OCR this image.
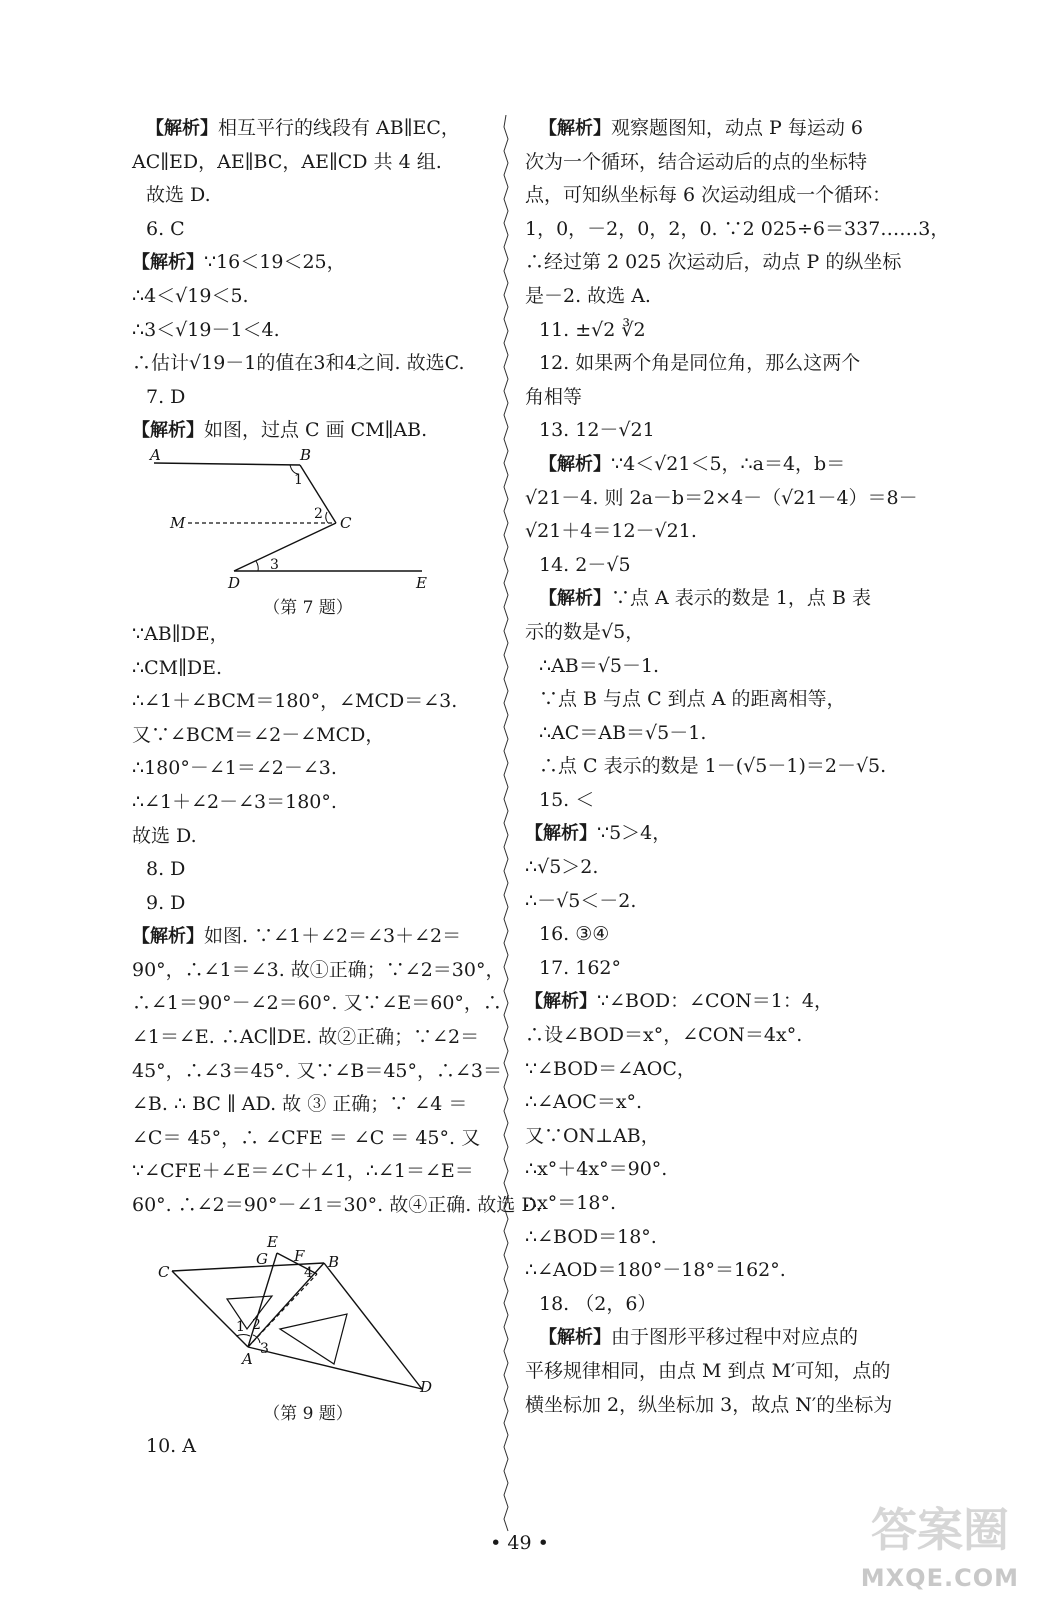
【解析】相互平行的线段有 AB∥EC，
AC∥ED，AE∥BC，AE∥CD 共 4 组.
故选 D.
6. C
【解析】∵16＜19＜25，
∴4＜√19＜5.
∴3＜√19－1＜4.
∴估计√19－1的值在3和4之间. 故选C.
7. D
【解析】如图，过点 C 画 CM∥AB.
A	B
M	C
D	E
1
2
3
（第 7 题）
∵AB∥DE，
∴CM∥DE.
∴∠1＋∠BCM＝180°，∠MCD＝∠3.
又∵∠BCM＝∠2－∠MCD，
∴180°－∠1＝∠2－∠3.
∴∠1＋∠2－∠3＝180°.
故选 D.
8. D
9. D
【解析】如图. ∵∠1＋∠2＝∠3＋∠2＝
90°，∴∠1＝∠3. 故①正确；∵∠2＝30°，
∴∠1＝90°－∠2＝60°. 又∵∠E＝60°，∴
∠1＝∠E. ∴AC∥DE. 故②正确；∵∠2＝
45°，∴∠3＝45°. 又∵∠B＝45°，∴∠3＝
∠B. ∴ BC ∥ AD. 故 ③ 正确；∵ ∠4 ＝
∠C＝ 45°，∴ ∠CFE ＝ ∠C ＝ 45°. 又
∵∠CFE＋∠E＝∠C＋∠1，∴∠1＝∠E＝
60°. ∴∠2＝90°－∠1＝30°. 故④正确. 故选 D.
C
E
G F B
A
D
1 2
3
4
（第 9 题）
10. A
【解析】观察题图知，动点 P 每运动 6
次为一个循环，结合运动后的点的坐标特
点，可知纵坐标每 6 次运动组成一个循环：
1，0，－2，0，2，0. ∵2 025÷6＝337……3，
∴经过第 2 025 次运动后，动点 P 的纵坐标
是－2. 故选 A.
11. ±√2 ∛2
12. 如果两个角是同位角，那么这两个
角相等
13. 12－√21
【解析】∵4＜√21＜5，∴a＝4，b＝
√21－4. 则 2a－b＝2×4－（√21－4）＝8－
√21＋4＝12－√21.
14. 2－√5
【解析】∵点 A 表示的数是 1，点 B 表
示的数是√5，
∴AB＝√5－1.
∵点 B 与点 C 到点 A 的距离相等，
∴AC＝AB＝√5－1.
∴点 C 表示的数是 1－(√5－1)＝2－√5.
15. ＜
【解析】∵5＞4，
∴√5＞2.
∴－√5＜－2.
16. ③④
17. 162°
【解析】∵∠BOD：∠CON＝1：4，
∴设∠BOD＝x°，∠CON＝4x°.
∵∠BOD＝∠AOC，
∴∠AOC＝x°.
又∵ON⊥AB，
∴x°＋4x°＝90°.
∴x°＝18°.
∴∠BOD＝18°.
∴∠AOD＝180°－18°＝162°.
18. （2，6）
【解析】由于图形平移过程中对应点的
平移规律相同，由点 M 到点 M′可知，点的
横坐标加 2，纵坐标加 3，故点 N′的坐标为
• 49 •	答案圈
MXQE.COM
